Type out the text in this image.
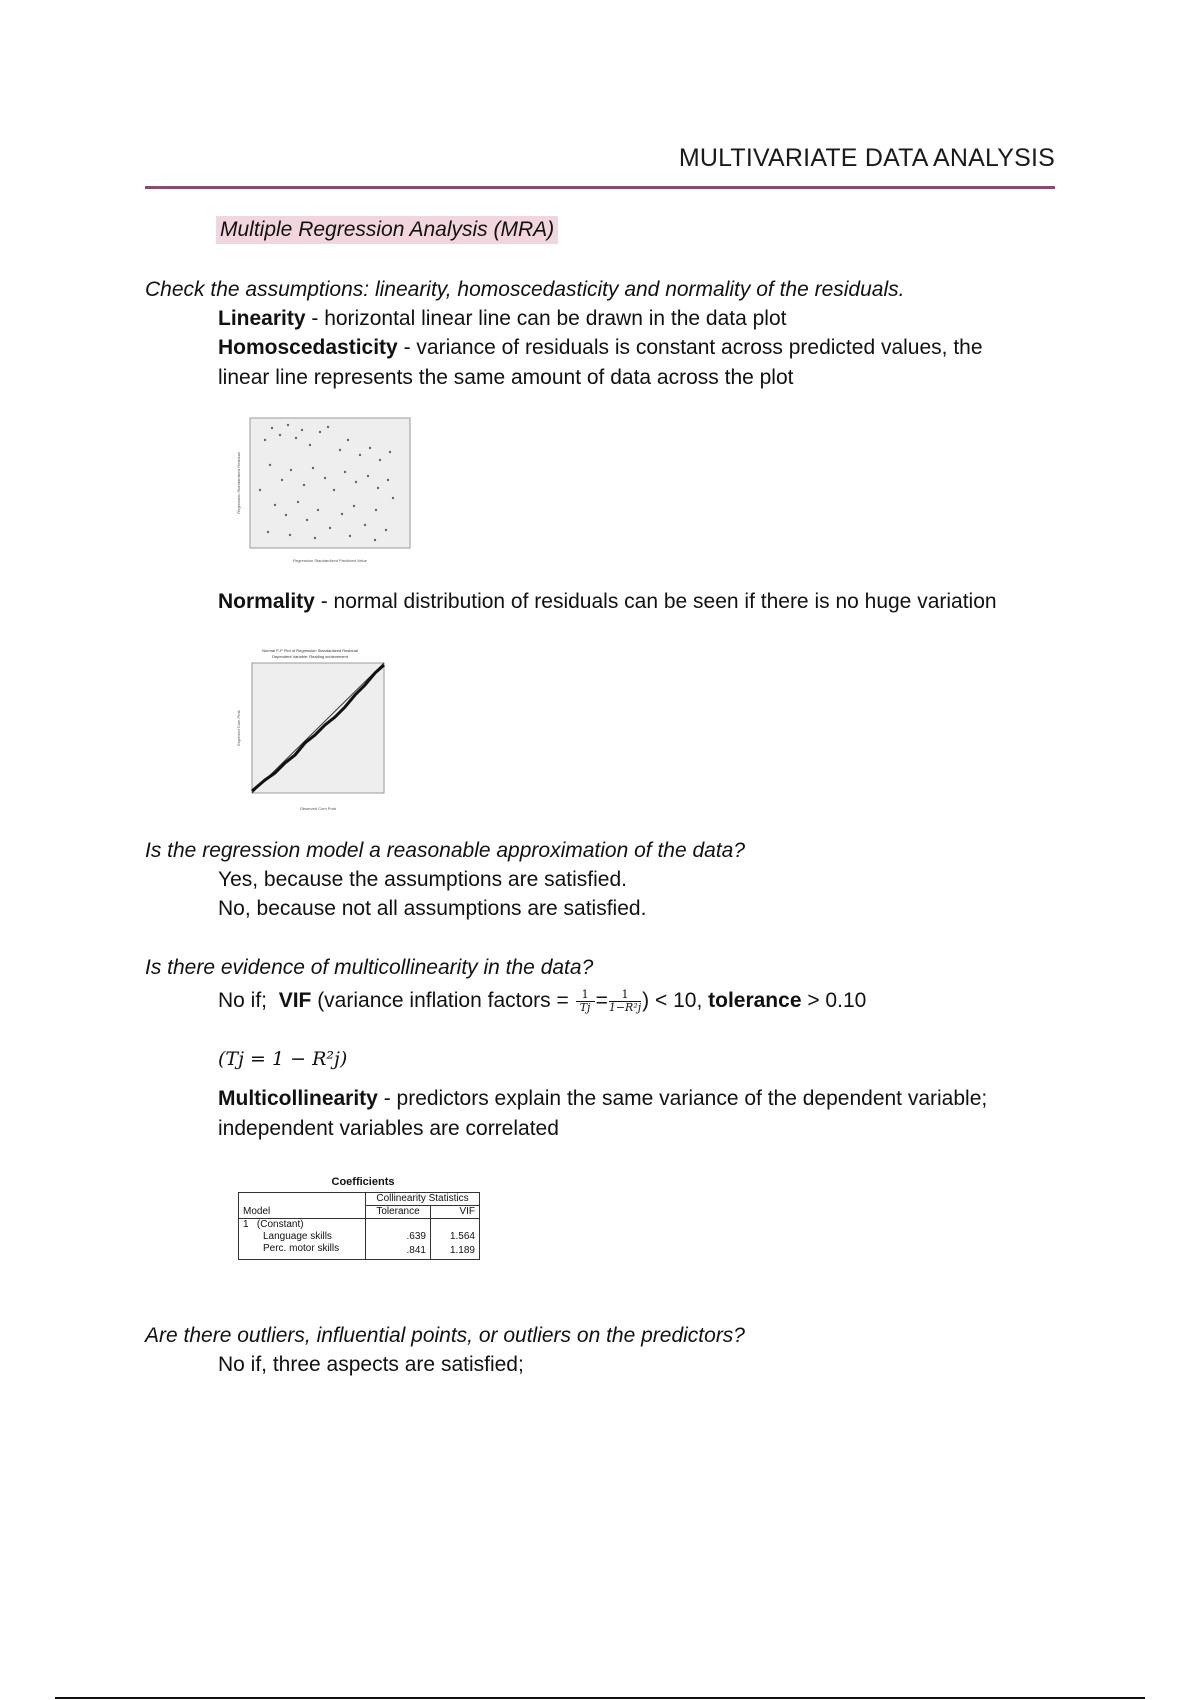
MULTIVARIATE DATA ANALYSIS
Multiple Regression Analysis (MRA)
Check the assumptions: linearity, homoscedasticity and normality of the residuals.
Linearity - horizontal linear line can be drawn in the data plot
Homoscedasticity - variance of residuals is constant across predicted values, the
linear line represents the same amount of data across the plot
Regression Standardized Predicted Value
Regression Standardized Residual
Normality - normal distribution of residuals can be seen if there is no huge variation
Normal P-P Plot of Regression Standardized Residual
Dependent Variable: Reading achievement
Observed Cum Prob
Expected Cum Prob
Is the regression model a reasonable approximation of the data?
Yes, because the assumptions are satisfied.
No, because not all assumptions are satisfied.
Is there evidence of multicollinearity in the data?
No if; VIF (variance inflation factors = $\frac{1}{Tj} = \frac{1}{\text{1−R²j}}$ ) < 10, tolerance > 0.10
(Tj = 1 − R²j)
Multicollinearity - predictors explain the same variance of the dependent variable;
independent variables are correlated
Coefficients
	Collinearity Statistics	
Model	Tolerance	VIF
1 (Constant)		
Language skills	.639	1.564
Perc. motor skills	.841	1.189
Are there outliers, influential points, or outliers on the predictors?
No if, three aspects are satisfied;
